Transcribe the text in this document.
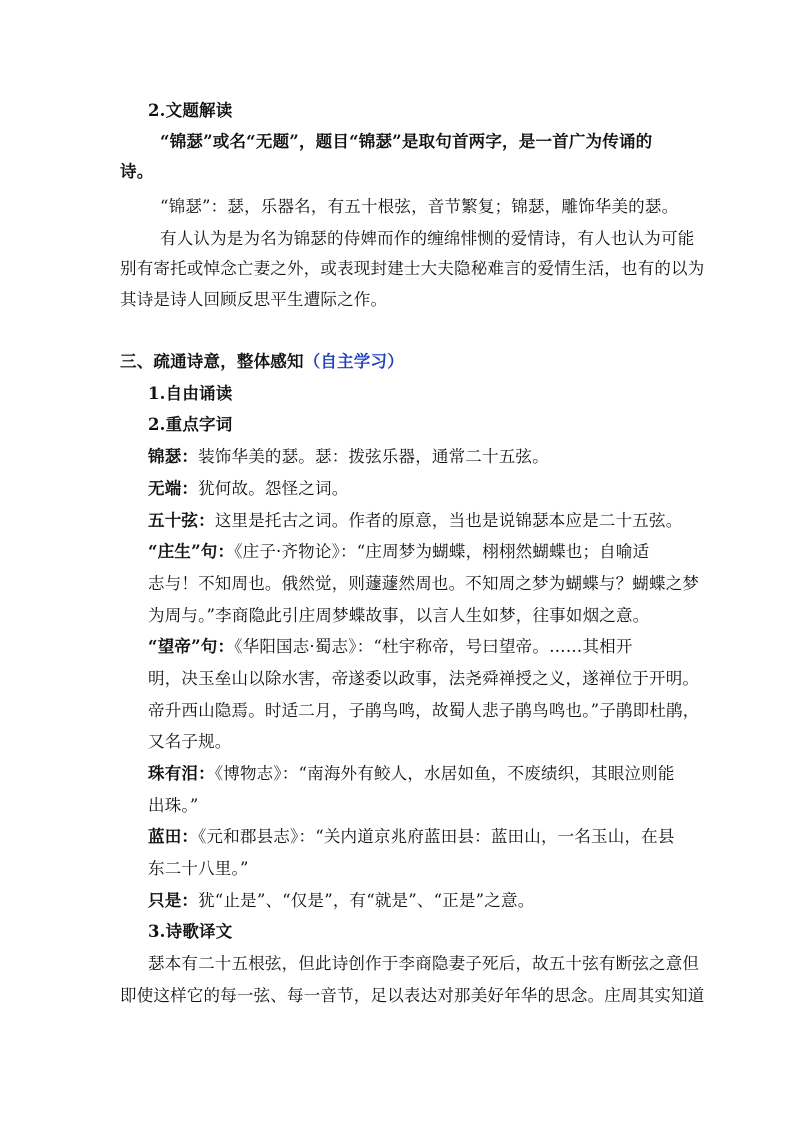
2.文题解读
“锦瑟”或名“无题”，题目“锦瑟”是取句首两字，是一首广为传诵的
诗。
“锦瑟”：瑟，乐器名，有五十根弦，音节繁复；锦瑟，雕饰华美的瑟。
有人认为是为名为锦瑟的侍婢而作的缠绵悱恻的爱情诗，有人也认为可能
别有寄托或悼念亡妻之外，或表现封建士大夫隐秘难言的爱情生活，也有的以为
其诗是诗人回顾反思平生遭际之作。
三、疏通诗意，整体感知（自主学习）
1.自由诵读
2.重点字词
锦瑟：装饰华美的瑟。瑟：拨弦乐器，通常二十五弦。
无端：犹何故。怨怪之词。
五十弦：这里是托古之词。作者的原意，当也是说锦瑟本应是二十五弦。
“庄生”句：《庄子·齐物论》：“庄周梦为蝴蝶，栩栩然蝴蝶也；自喻适
志与！不知周也。俄然觉，则蘧蘧然周也。不知周之梦为蝴蝶与？蝴蝶之梦
为周与。”李商隐此引庄周梦蝶故事，以言人生如梦，往事如烟之意。
“望帝”句：《华阳国志·蜀志》：“杜宇称帝，号曰望帝。……其相开
明，决玉垒山以除水害，帝遂委以政事，法尧舜禅授之义，遂禅位于开明。
帝升西山隐焉。时适二月，子鹃鸟鸣，故蜀人悲子鹃鸟鸣也。”子鹃即杜鹃，
又名子规。
珠有泪：《博物志》：“南海外有鲛人，水居如鱼，不废绩织，其眼泣则能
出珠。”
蓝田：《元和郡县志》：“关内道京兆府蓝田县：蓝田山，一名玉山，在县
东二十八里。”
只是：犹“止是”、“仅是”，有“就是”、“正是”之意。
3.诗歌译文
瑟本有二十五根弦，但此诗创作于李商隐妻子死后，故五十弦有断弦之意但
即使这样它的每一弦、每一音节，足以表达对那美好年华的思念。庄周其实知道
